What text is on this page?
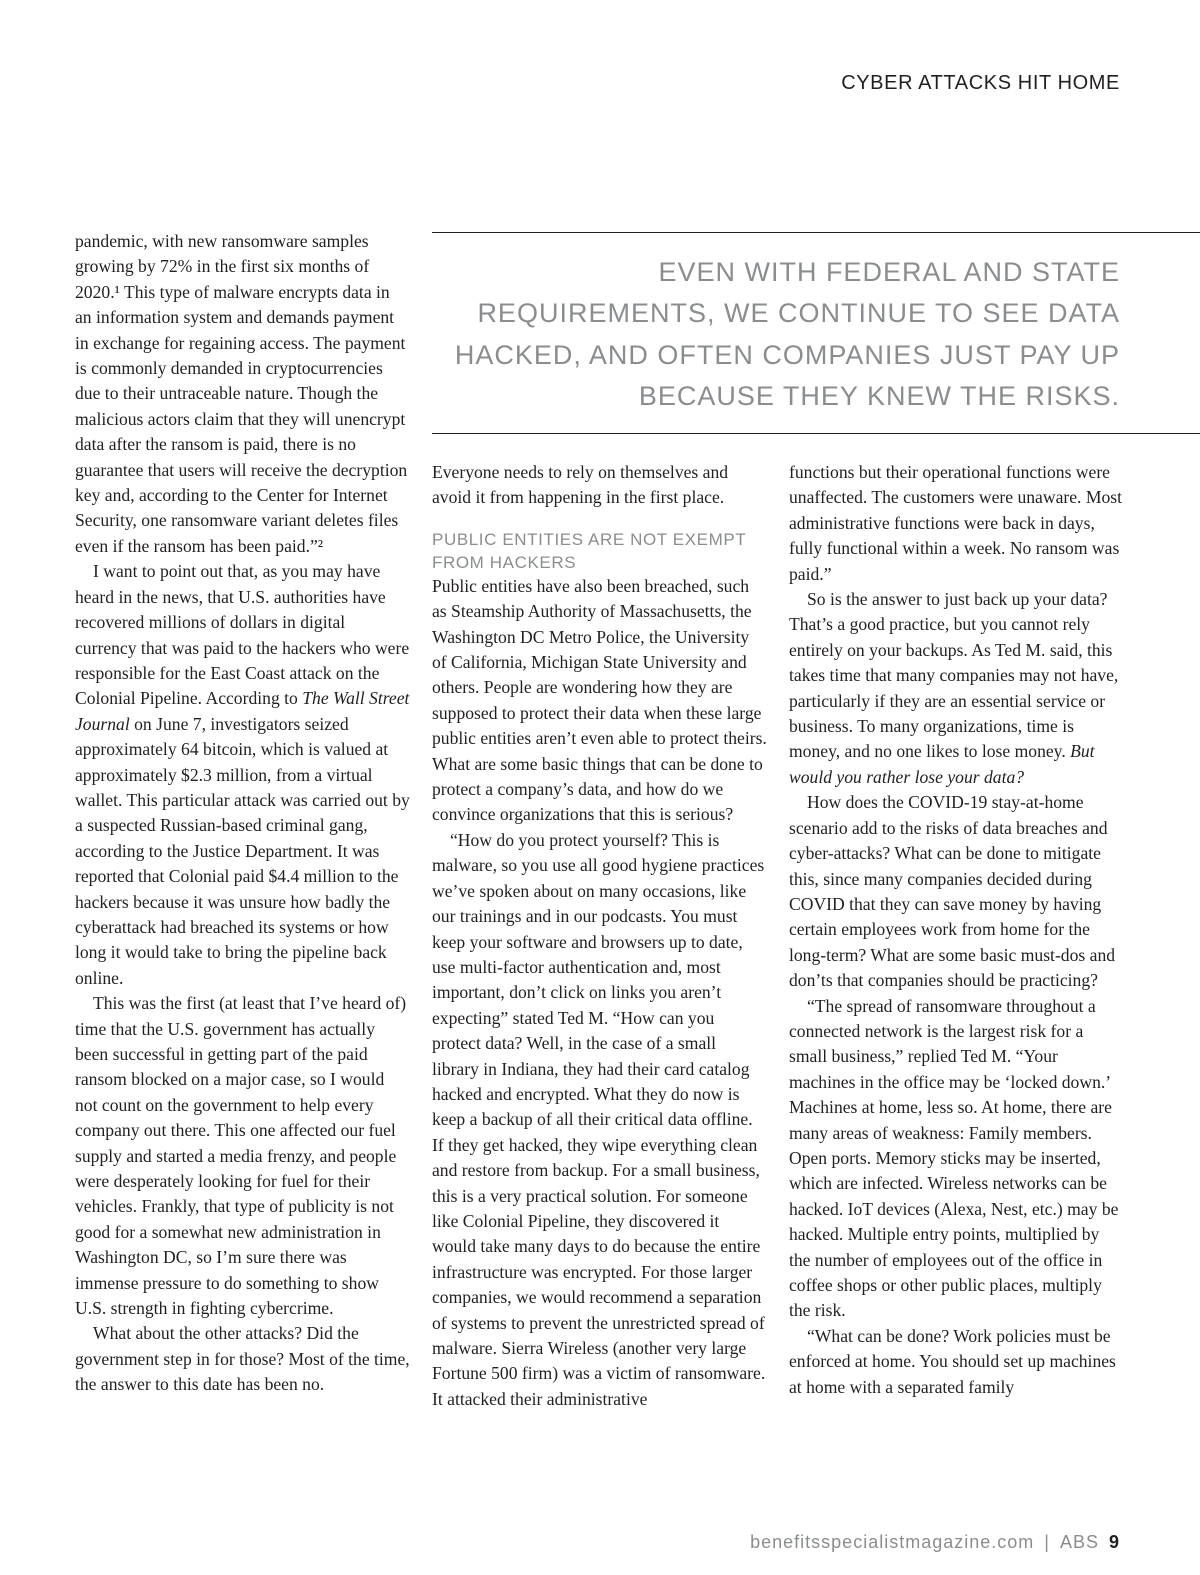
CYBER ATTACKS HIT HOME

pandemic, with new ransomware samples growing by 72% in the first six months of 2020.¹ This type of malware encrypts data in an information system and demands payment in exchange for regaining access. The payment is commonly demanded in cryptocurrencies due to their untraceable nature. Though the malicious actors claim that they will unencrypt data after the ransom is paid, there is no guarantee that users will receive the decryption key and, according to the Center for Internet Security, one ransomware variant deletes files even if the ransom has been paid.”²

I want to point out that, as you may have heard in the news, that U.S. authorities have recovered millions of dollars in digital currency that was paid to the hackers who were responsible for the East Coast attack on the Colonial Pipeline. According to The Wall Street Journal on June 7, investigators seized approximately 64 bitcoin, which is valued at approximately $2.3 million, from a virtual wallet. This particular attack was carried out by a suspected Russian-based criminal gang, according to the Justice Department. It was reported that Colonial paid $4.4 million to the hackers because it was unsure how badly the cyberattack had breached its systems or how long it would take to bring the pipeline back online.

This was the first (at least that I’ve heard of) time that the U.S. government has actually been successful in getting part of the paid ransom blocked on a major case, so I would not count on the government to help every company out there. This one affected our fuel supply and started a media frenzy, and people were desperately looking for fuel for their vehicles. Frankly, that type of publicity is not good for a somewhat new administration in Washington DC, so I’m sure there was immense pressure to do something to show U.S. strength in fighting cybercrime.

What about the other attacks? Did the government step in for those? Most of the time, the answer to this date has been no.

EVEN WITH FEDERAL AND STATE REQUIREMENTS, WE CONTINUE TO SEE DATA HACKED, AND OFTEN COMPANIES JUST PAY UP BECAUSE THEY KNEW THE RISKS.

Everyone needs to rely on themselves and avoid it from happening in the first place.

PUBLIC ENTITIES ARE NOT EXEMPT FROM HACKERS

Public entities have also been breached, such as Steamship Authority of Massachusetts, the Washington DC Metro Police, the University of California, Michigan State University and others. People are wondering how they are supposed to protect their data when these large public entities aren’t even able to protect theirs. What are some basic things that can be done to protect a company’s data, and how do we convince organizations that this is serious?

“How do you protect yourself? This is malware, so you use all good hygiene practices we’ve spoken about on many occasions, like our trainings and in our podcasts. You must keep your software and browsers up to date, use multi-factor authentication and, most important, don’t click on links you aren’t expecting” stated Ted M. “How can you protect data? Well, in the case of a small library in Indiana, they had their card catalog hacked and encrypted. What they do now is keep a backup of all their critical data offline. If they get hacked, they wipe everything clean and restore from backup. For a small business, this is a very practical solution. For someone like Colonial Pipeline, they discovered it would take many days to do because the entire infrastructure was encrypted. For those larger companies, we would recommend a separation of systems to prevent the unrestricted spread of malware. Sierra Wireless (another very large Fortune 500 firm) was a victim of ransomware. It attacked their administrative

functions but their operational functions were unaffected. The customers were unaware. Most administrative functions were back in days, fully functional within a week. No ransom was paid.”

So is the answer to just back up your data? That’s a good practice, but you cannot rely entirely on your backups. As Ted M. said, this takes time that many companies may not have, particularly if they are an essential service or business. To many organizations, time is money, and no one likes to lose money. But would you rather lose your data?

How does the COVID-19 stay-at-home scenario add to the risks of data breaches and cyber-attacks? What can be done to mitigate this, since many companies decided during COVID that they can save money by having certain employees work from home for the long-term? What are some basic must-dos and don’ts that companies should be practicing?

“The spread of ransomware throughout a connected network is the largest risk for a small business,” replied Ted M. “Your machines in the office may be ‘locked down.’ Machines at home, less so. At home, there are many areas of weakness: Family members. Open ports. Memory sticks may be inserted, which are infected. Wireless networks can be hacked. IoT devices (Alexa, Nest, etc.) may be hacked. Multiple entry points, multiplied by the number of employees out of the office in coffee shops or other public places, multiply the risk.

“What can be done? Work policies must be enforced at home. You should set up machines at home with a separated family

benefitsspecialistmagazine.com | ABS 9
